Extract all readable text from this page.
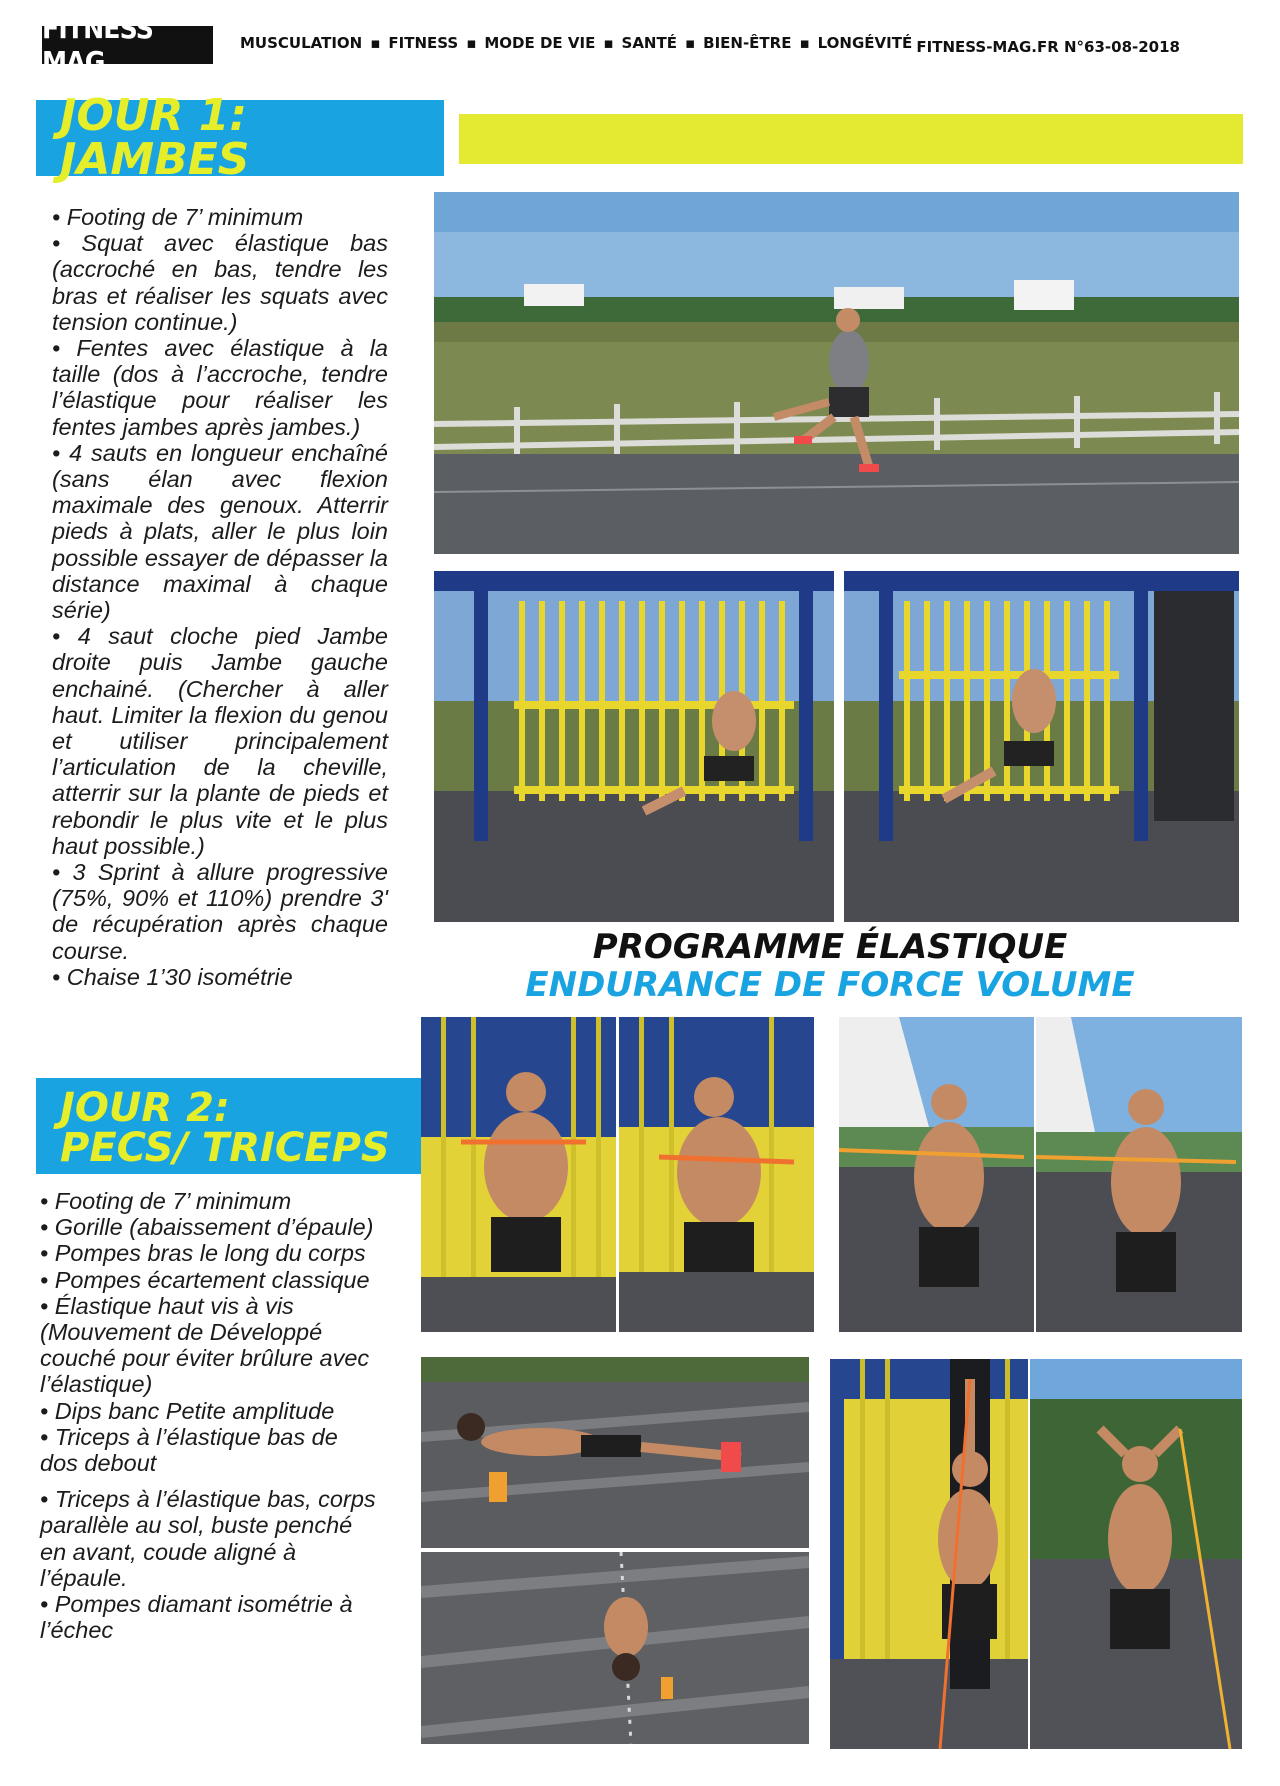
FITNESS MAG
MUSCULATION ▪ FITNESS ▪ MODE DE VIE ▪ SANTÉ ▪ BIEN-ÊTRE ▪ LONGÉVITÉ FITNESS-MAG.FR N°63-08-2018
JOUR 1: JAMBES

• Footing de 7’ minimum

• Squat avec élastique bas (accroché en bas, tendre les bras et réaliser les squats avec tension continue.)

• Fentes avec élastique à la taille (dos à l’accroche, tendre l’élastique pour réaliser les fentes jambes après jambes.)

• 4 sauts en longueur enchaîné (sans élan avec flexion maximale des genoux. Atterrir pieds à plats, aller le plus loin possible essayer de dépasser la distance maximal à chaque série)

• 4 saut cloche pied Jambe droite puis Jambe gauche enchainé. (Chercher à aller haut. Limiter la flexion du genou et utiliser principalement l’articulation de la cheville, atterrir sur la plante de pieds et rebondir le plus vite et le plus haut possible.)

• 3 Sprint à allure progressive (75%, 90% et 110%) prendre 3' de récupération après chaque course.

• Chaise 1’30 isométrie

PROGRAMME ÉLASTIQUE
ENDURANCE DE FORCE VOLUME
JOUR 2:
PECS/ TRICEPS

• Footing de 7’ minimum

• Gorille (abaissement d’épaule)

• Pompes bras le long du corps

• Pompes écartement classique

• Élastique haut vis à vis (Mouvement de Développé couché pour éviter brûlure avec l’élastique)

• Dips banc Petite amplitude

• Triceps à l’élastique bas de dos debout

• Triceps à l’élastique bas, corps parallèle au sol, buste penché en avant, coude aligné à l’épaule.

• Pompes diamant isométrie à l’échec
